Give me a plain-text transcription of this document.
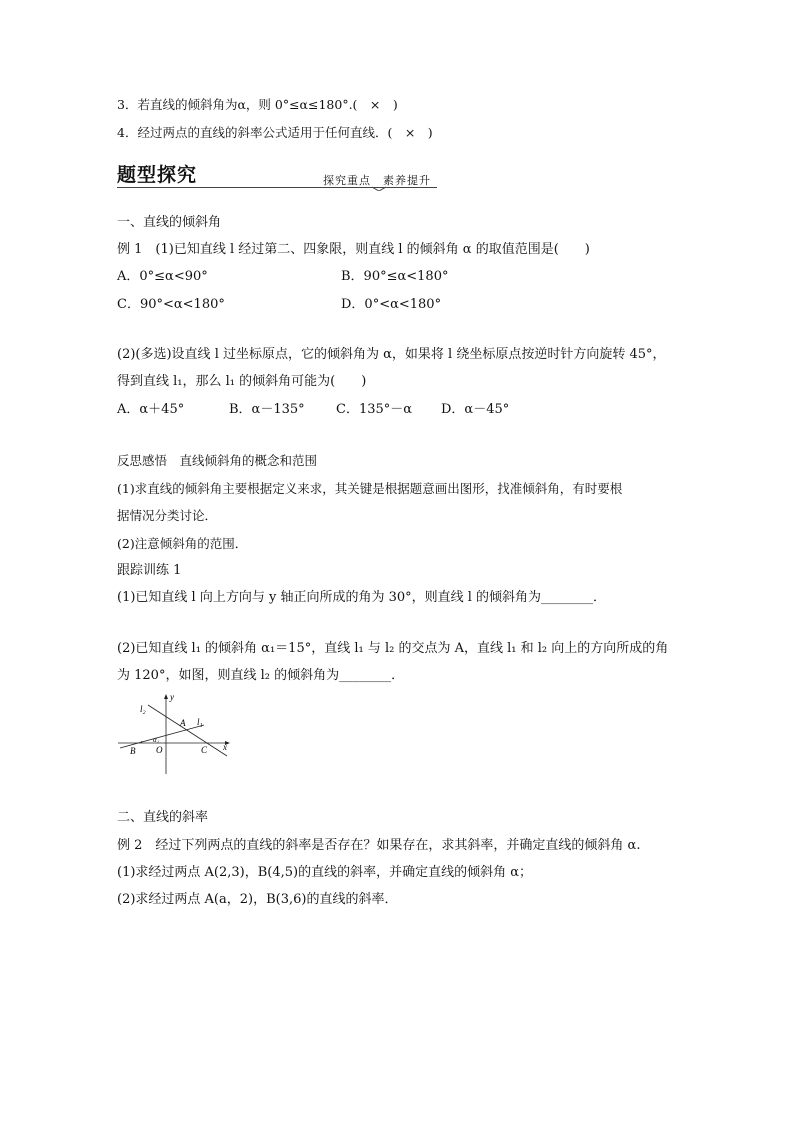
3．若直线的倾斜角为α，则 0°≤α≤180°.(　×　)
4．经过两点的直线的斜率公式适用于任何直线．(　×　)
题型探究	探究重点　素养提升
一、直线的倾斜角
例 1　(1)已知直线 l 经过第二、四象限，则直线 l 的倾斜角 α 的取值范围是(　　)
A．0°≤α<90°	B．90°≤α<180°
C．90°<α<180°	D．0°<α<180°
(2)(多选)设直线 l 过坐标原点，它的倾斜角为 α，如果将 l 绕坐标原点按逆时针方向旋转 45°，
得到直线 l₁，那么 l₁ 的倾斜角可能为(　　)
A．α＋45°	B．α－135° C．135°－α D．α－45°
反思感悟　直线倾斜角的概念和范围
(1)求直线的倾斜角主要根据定义来求，其关键是根据题意画出图形，找准倾斜角，有时要根
据情况分类讨论．
(2)注意倾斜角的范围．
跟踪训练 1
(1)已知直线 l 向上方向与 y 轴正向所成的角为 30°，则直线 l 的倾斜角为________．
(2)已知直线 l₁ 的倾斜角 α₁＝15°，直线 l₁ 与 l₂ 的交点为 A，直线 l₁ 和 l₂ 向上的方向所成的角
为 120°，如图，则直线 l₂ 的倾斜角为________．
y
x
l₂
l₁
A
α₁
B O	C
二、直线的斜率
例 2　经过下列两点的直线的斜率是否存在？如果存在，求其斜率，并确定直线的倾斜角 α.
(1)求经过两点 A(2,3)，B(4,5)的直线的斜率，并确定直线的倾斜角 α；
(2)求经过两点 A(a，2)，B(3,6)的直线的斜率．
